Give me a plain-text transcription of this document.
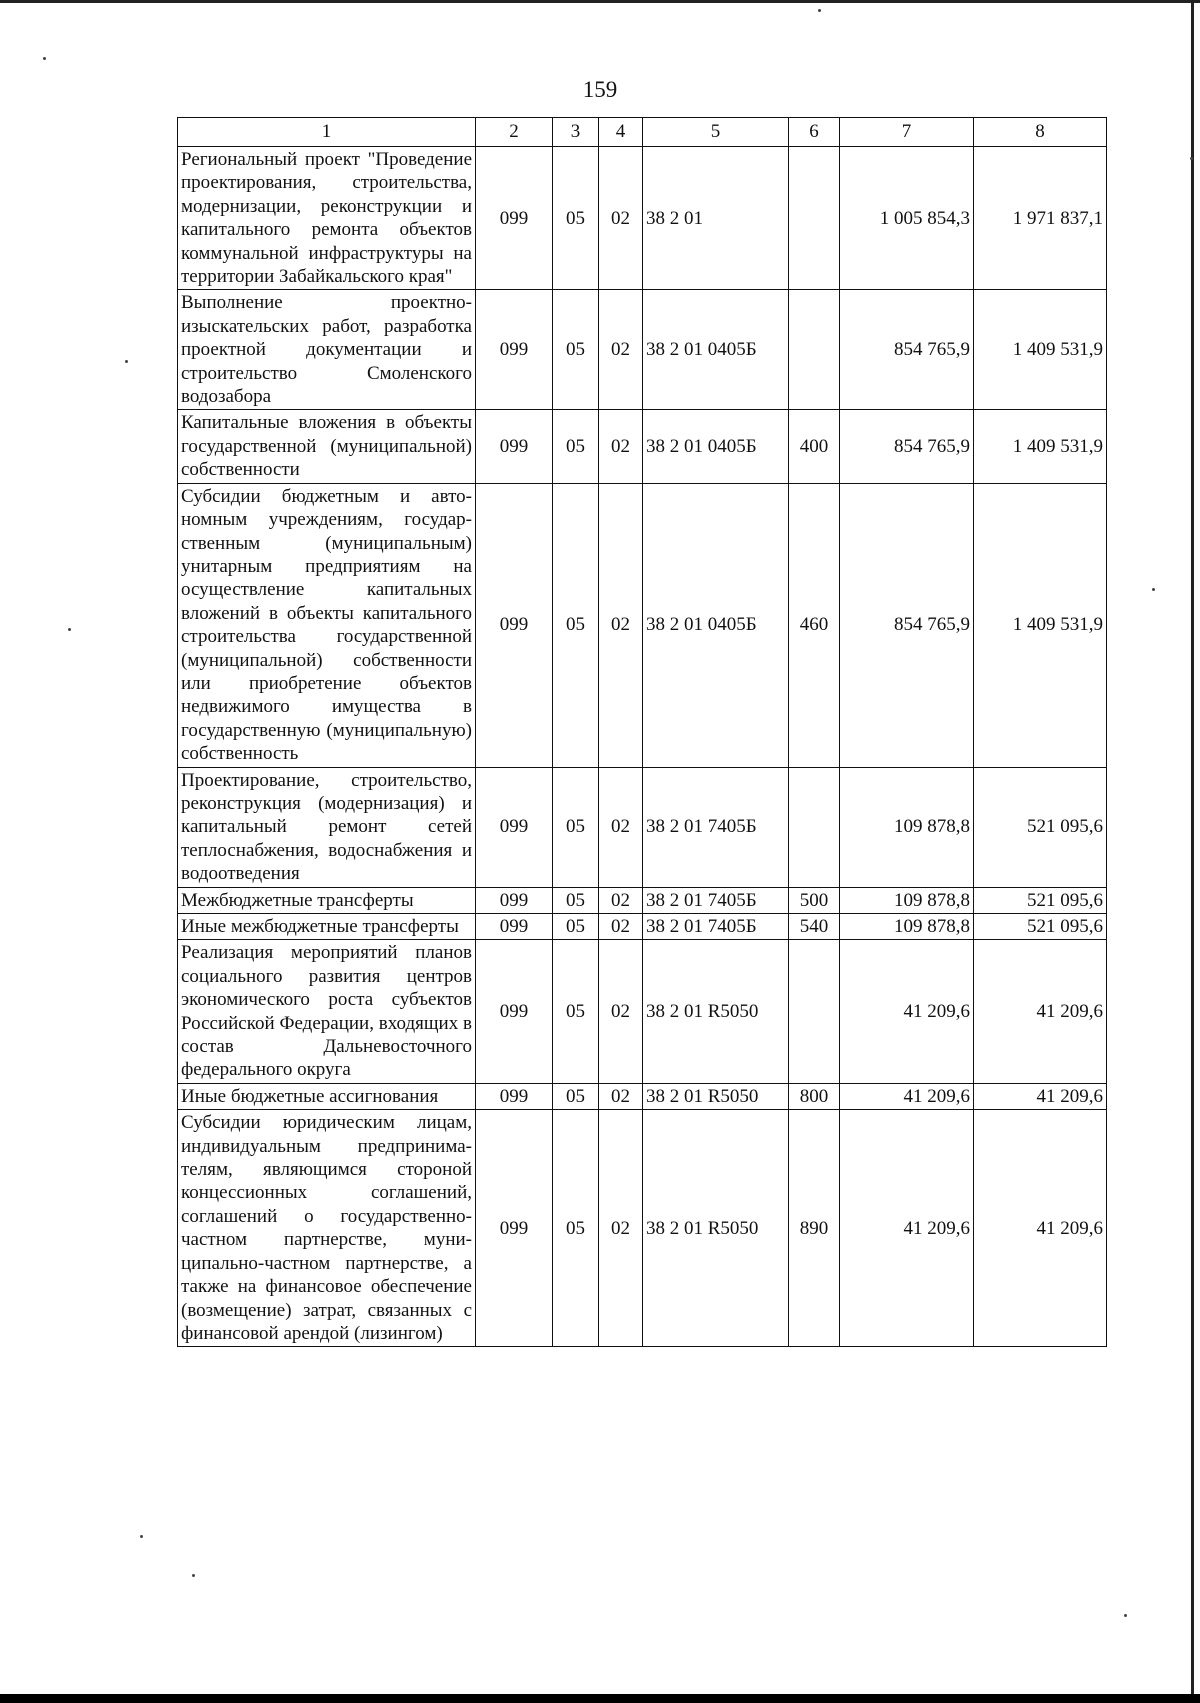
159
1	2	3	4	5	6	7	8
Региональный проект "Проведение проектирования, строительства, модернизации, реконструкции и капитального ремонта объектов коммунальной инфраструктуры на территории Забайкальского края"	099	05	02	38 2 01		1 005 854,3	1 971 837,1
Выполнение проектно-изыскательских работ, разработка проектной документации и строительство Смоленского водозабора	099	05	02	38 2 01 0405Б		854 765,9	1 409 531,9
Капитальные вложения в объекты государственной (муниципальной) собственности	099	05	02	38 2 01 0405Б	400	854 765,9	1 409 531,9
Субсидии бюджетным и автономным учреждениям, государственным (муниципальным) унитарным предприятиям на осуществление капитальных вложений в объекты капитального строительства государственной (муниципальной) собственности или приобретение объектов недвижимого имущества в государственную (муниципальную) собственность	099	05	02	38 2 01 0405Б	460	854 765,9	1 409 531,9
Проектирование, строительство, реконструкция (модернизация) и капитальный ремонт сетей теплоснабжения, водоснабжения и водоотведения	099	05	02	38 2 01 7405Б		109 878,8	521 095,6
Межбюджетные трансферты	099	05	02	38 2 01 7405Б	500	109 878,8	521 095,6
Иные межбюджетные трансферты	099	05	02	38 2 01 7405Б	540	109 878,8	521 095,6
Реализация мероприятий планов социального развития центров экономического роста субъектов Российской Федерации, входящих в состав Дальневосточного федерального округа	099	05	02	38 2 01 R5050		41 209,6	41 209,6
Иные бюджетные ассигнования	099	05	02	38 2 01 R5050	800	41 209,6	41 209,6
Субсидии юридическим лицам, индивидуальным предпринимателям, являющимся стороной концессионных соглашений, соглашений о государственно-частном партнерстве, муниципально-частном партнерстве, а также на финансовое обеспечение (возмещение) затрат, связанных с финансовой арендой (лизингом)	099	05	02	38 2 01 R5050	890	41 209,6	41 209,6
